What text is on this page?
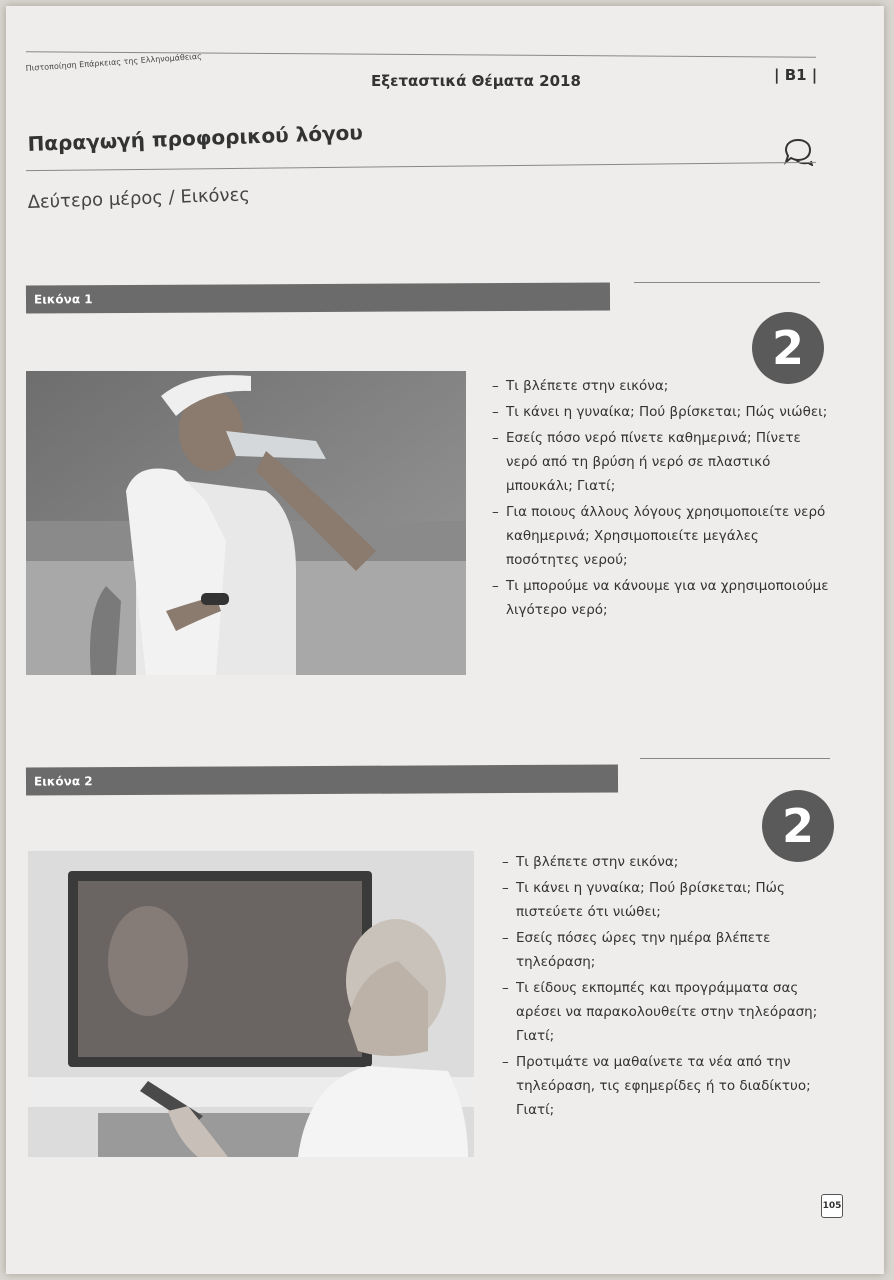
Πιστοποίηση Επάρκειας της Ελληνομάθειας
Εξεταστικά Θέματα 2018	| B1 |
Παραγωγή προφορικού λόγου
Δεύτερο μέρος / Εικόνες
Εικόνα 1
2
– Τι βλέπετε στην εικόνα;
– Τι κάνει η γυναίκα; Πού βρίσκεται; Πώς νιώθει;
– Εσείς πόσο νερό πίνετε καθημερινά; Πίνετε νερό από τη βρύση ή νερό σε πλαστικό μπουκάλι; Γιατί;
– Για ποιους άλλους λόγους χρησιμοποιείτε νερό καθημερινά; Χρησιμοποιείτε μεγάλες ποσότητες νερού;
– Τι μπορούμε να κάνουμε για να χρησιμοποιούμε λιγότερο νερό;
Εικόνα 2
2
– Τι βλέπετε στην εικόνα;
– Τι κάνει η γυναίκα; Πού βρίσκεται; Πώς πιστεύετε ότι νιώθει;
– Εσείς πόσες ώρες την ημέρα βλέπετε τηλεόραση;
– Τι είδους εκπομπές και προγράμματα σας αρέσει να παρακολουθείτε στην τηλεόραση; Γιατί;
– Προτιμάτε να μαθαίνετε τα νέα από την τηλεόραση, τις εφημερίδες ή το διαδίκτυο; Γιατί;
105
